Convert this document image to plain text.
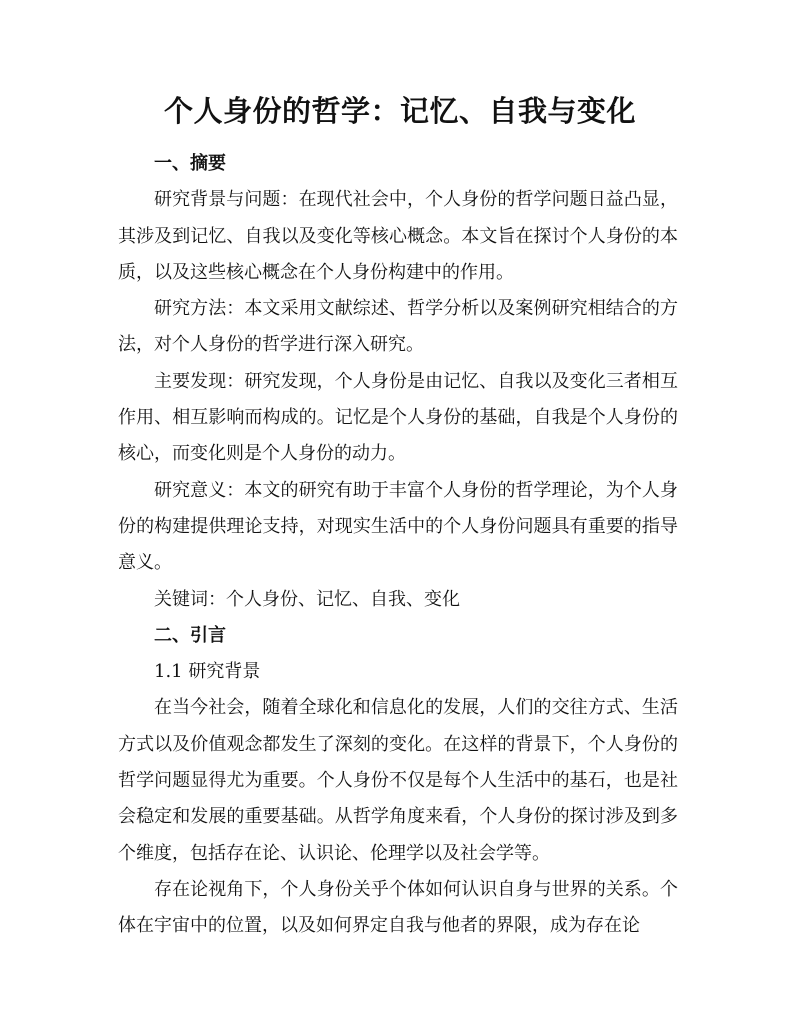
个人身份的哲学：记忆、自我与变化

一、摘要

研究背景与问题：在现代社会中，个人身份的哲学问题日益凸显，其涉及到记忆、自我以及变化等核心概念。本文旨在探讨个人身份的本质，以及这些核心概念在个人身份构建中的作用。

研究方法：本文采用文献综述、哲学分析以及案例研究相结合的方法，对个人身份的哲学进行深入研究。

主要发现：研究发现，个人身份是由记忆、自我以及变化三者相互作用、相互影响而构成的。记忆是个人身份的基础，自我是个人身份的核心，而变化则是个人身份的动力。

研究意义：本文的研究有助于丰富个人身份的哲学理论，为个人身份的构建提供理论支持，对现实生活中的个人身份问题具有重要的指导意义。

关键词：个人身份、记忆、自我、变化

二、引言

1.1 研究背景

在当今社会，随着全球化和信息化的发展，人们的交往方式、生活方式以及价值观念都发生了深刻的变化。在这样的背景下，个人身份的哲学问题显得尤为重要。个人身份不仅是每个人生活中的基石，也是社会稳定和发展的重要基础。从哲学角度来看，个人身份的探讨涉及到多个维度，包括存在论、认识论、伦理学以及社会学等。

存在论视角下，个人身份关乎个体如何认识自身与世界的关系。个体在宇宙中的位置，以及如何界定自我与他者的界限，成为存在论
